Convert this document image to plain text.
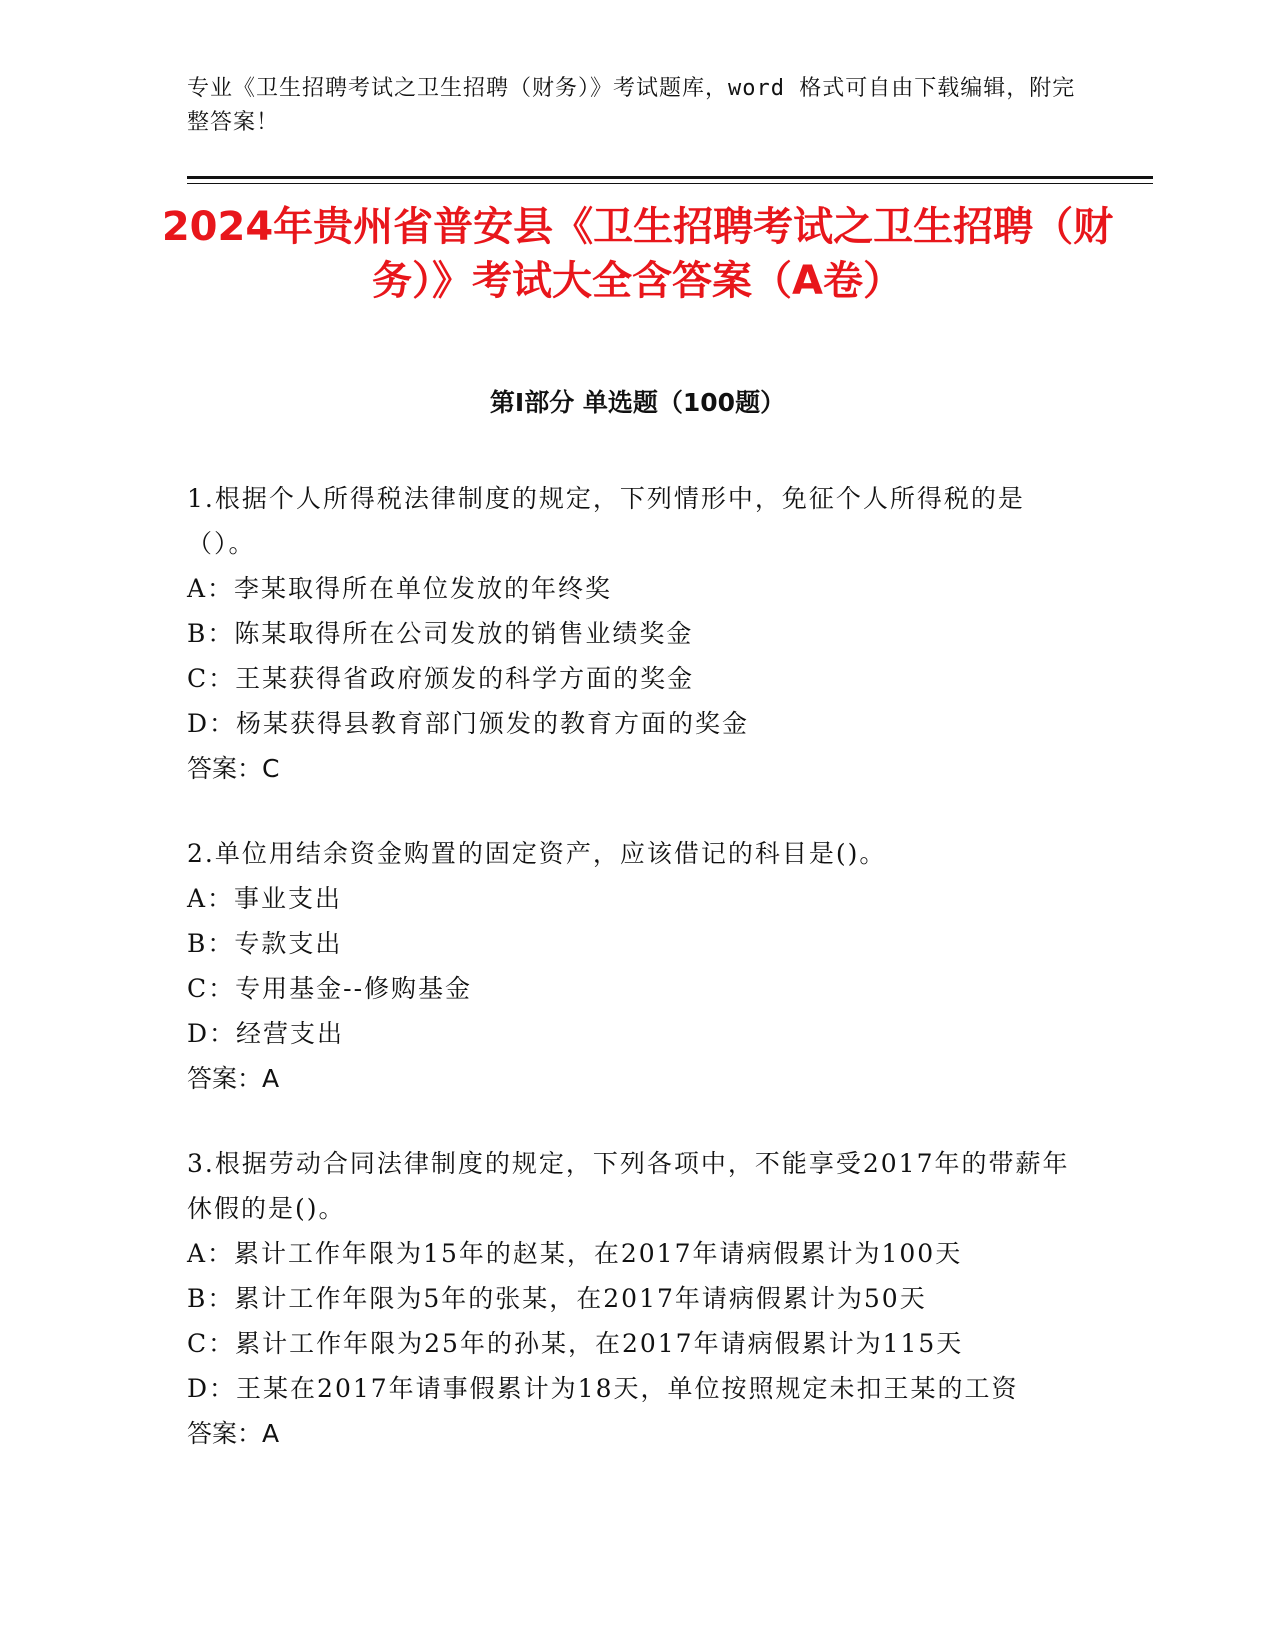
专业《卫生招聘考试之卫生招聘（财务）》考试题库，word 格式可自由下载编辑，附完整答案！
2024年贵州省普安县《卫生招聘考试之卫生招聘（财务）》考试大全含答案（A卷）
第Ⅰ部分 单选题（100题）

1.根据个人所得税法律制度的规定，下列情形中，免征个人所得税的是（）。

A：李某取得所在单位发放的年终奖

B：陈某取得所在公司发放的销售业绩奖金

C：王某获得省政府颁发的科学方面的奖金

D：杨某获得县教育部门颁发的教育方面的奖金

答案：C

2.单位用结余资金购置的固定资产，应该借记的科目是()。

A：事业支出

B：专款支出

C：专用基金--修购基金

D：经营支出

答案：A

3.根据劳动合同法律制度的规定，下列各项中，不能享受2017年的带薪年休假的是()。

A：累计工作年限为15年的赵某，在2017年请病假累计为100天

B：累计工作年限为5年的张某，在2017年请病假累计为50天

C：累计工作年限为25年的孙某，在2017年请病假累计为115天

D：王某在2017年请事假累计为18天，单位按照规定未扣王某的工资

答案：A
